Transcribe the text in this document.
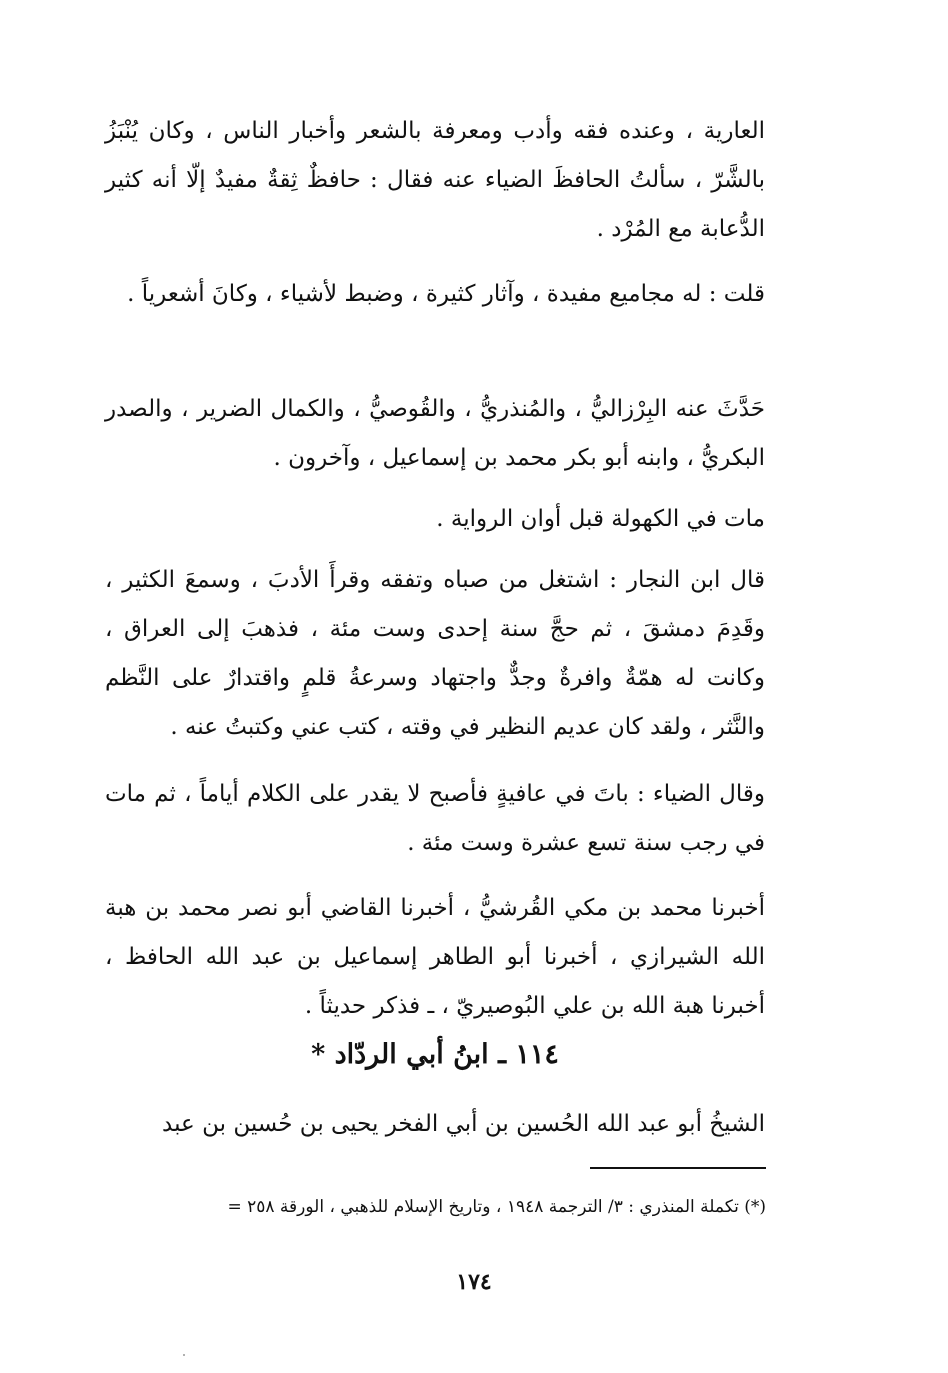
العارية ، وعنده فقه وأدب ومعرفة بالشعر وأخبار الناس ، وكان يُنْبَزُ بالشَّرّ ، سألتُ الحافظَ الضياء عنه فقال : حافظٌ ثِقةٌ مفيدٌ إلّا أنه كثير الدُّعابة مع المُرْد .

قلت : له مجاميع مفيدة ، وآثار كثيرة ، وضبط لأشياء ، وكانَ أشعرياً .

حَدَّثَ عنه البِرْزاليُّ ، والمُنذريُّ ، والقُوصيُّ ، والكمال الضرير ، والصدر البكريُّ ، وابنه أبو بكر محمد بن إسماعيل ، وآخرون .

مات في الكهولة قبل أوان الرواية .

قال ابن النجار : اشتغل من صباه وتفقه وقرأَ الأدبَ ، وسمعَ الكثير ، وقَدِمَ دمشقَ ، ثم حجَّ سنة إحدى وست مئة ، فذهبَ إلى العراق ، وكانت له همّةٌ وافرةٌ وجدٌّ واجتهاد وسرعةُ قلمٍ واقتدارٌ على النَّظم والنَّثر ، ولقد كان عديم النظير في وقته ، كتب عني وكتبتُ عنه .

وقال الضياء : باتَ في عافيةٍ فأصبح لا يقدر على الكلام أياماً ، ثم مات في رجب سنة تسع عشرة وست مئة .

أخبرنا محمد بن مكي القُرشيُّ ، أخبرنا القاضي أبو نصر محمد بن هبة الله الشيرازي ، أخبرنا أبو الطاهر إسماعيل بن عبد الله الحافظ ، أخبرنا هبة الله بن علي البُوصيريّ ، ـ فذكر حديثاً .

١١٤ ـ ابنُ أبي الردّاد *

الشيخُ أبو عبد الله الحُسين بن أبي الفخر يحيى بن حُسين بن عبد

(*) تكملة المنذري : ٣/ الترجمة ١٩٤٨ ، وتاريخ الإسلام للذهبي ، الورقة ٢٥٨ =
١٧٤
